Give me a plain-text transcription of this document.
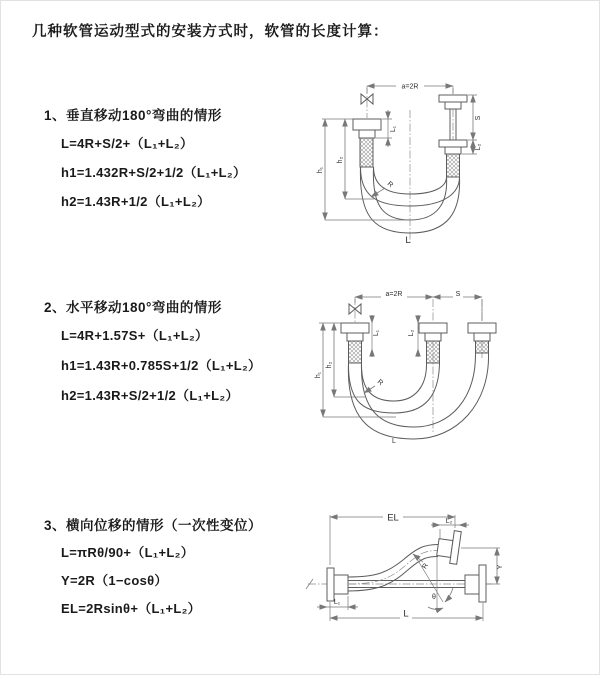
几种软管运动型式的安装方式时，软管的长度计算：
1、垂直移动180°弯曲的情形
L=4R+S/2+（L₁+L₂）
h1=1.432R+S/2+1/2（L₁+L₂）
h2=1.43R+1/2（L₁+L₂）
2、水平移动180°弯曲的情形
L=4R+1.57S+（L₁+L₂）
h1=1.43R+0.785S+1/2（L₁+L₂）
h2=1.43R+S/2+1/2（L₁+L₂）
3、横向位移的情形（一次性变位）
L=πRθ/90+（L₁+L₂）
Y=2R（1−cosθ）
EL=2Rsinθ+（L₁+L₂）
a=2R
L₁
S
L₂
h₁
h₂
R
L
a=2R	S
L₁	L₂
h₁
h₂
R
L
EL	L₂
Y
R
θ
L
L₁
